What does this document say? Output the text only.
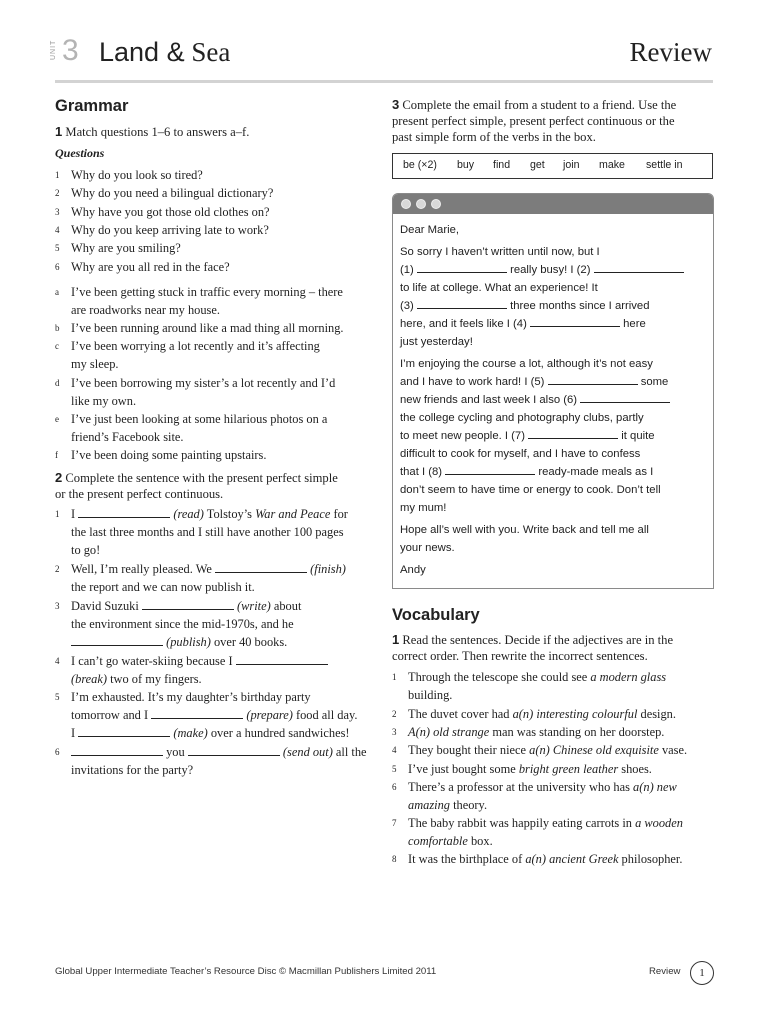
UNIT 3 Land & Sea	Review
Grammar
1 Match questions 1–6 to answers a–f.
Questions
1 Why do you look so tired?
2 Why do you need a bilingual dictionary?
3 Why have you got those old clothes on?
4 Why do you keep arriving late to work?
5 Why are you smiling?
6 Why are you all red in the face?
a I’ve been getting stuck in traffic every morning – there
are roadworks near my house.
b I’ve been running around like a mad thing all morning.
c I’ve been worrying a lot recently and it’s affecting
my sleep.
d I’ve been borrowing my sister’s a lot recently and I’d
like my own.
e I’ve just been looking at some hilarious photos on a
friend’s Facebook site.
f I’ve been doing some painting upstairs.
2 Complete the sentence with the present perfect simple
or the present perfect continuous.
1 I	(read) Tolstoy’s War and Peace for
the last three months and I still have another 100 pages
to go!
2 Well, I’m really pleased. We	(finish)
the report and we can now publish it.
3 David Suzuki	(write) about
the environment since the mid-1970s, and he
(publish) over 40 books.
4 I can’t go water-skiing because I
(break) two of my fingers.
5 I’m exhausted. It’s my daughter’s birthday party
tomorrow and I	(prepare) food all day.
I	(make) over a hundred sandwiches!
6	you	(send out) all the
invitations for the party?
3 Complete the email from a student to a friend. Use the
present perfect simple, present perfect continuous or the
past simple form of the verbs in the box.
be (×2) buy find get join make settle in
Dear Marie,
So sorry I haven’t written until now, but I
(1)	really busy! I (2)
to life at college. What an experience! It
(3)	three months since I arrived
here, and it feels like I (4)	here
just yesterday!
I’m enjoying the course a lot, although it’s not easy
and I have to work hard! I (5)	some
new friends and last week I also (6)
the college cycling and photography clubs, partly
to meet new people. I (7)	it quite
difficult to cook for myself, and I have to confess
that I (8)	ready-made meals as I
don’t seem to have time or energy to cook. Don’t tell
my mum!
Hope all’s well with you. Write back and tell me all
your news.
Andy
Vocabulary
1 Read the sentences. Decide if the adjectives are in the
correct order. Then rewrite the incorrect sentences.
1 Through the telescope she could see a modern glass
building.
2 The duvet cover had a(n) interesting colourful design.
3 A(n) old strange man was standing on her doorstep.
4 They bought their niece a(n) Chinese old exquisite vase.
5 I’ve just bought some bright green leather shoes.
6 There’s a professor at the university who has a(n) new
amazing theory.
7 The baby rabbit was happily eating carrots in a wooden
comfortable box.
8 It was the birthplace of a(n) ancient Greek philosopher.
Global Upper Intermediate Teacher’s Resource Disc © Macmillan Publishers Limited 2011	Review	1
